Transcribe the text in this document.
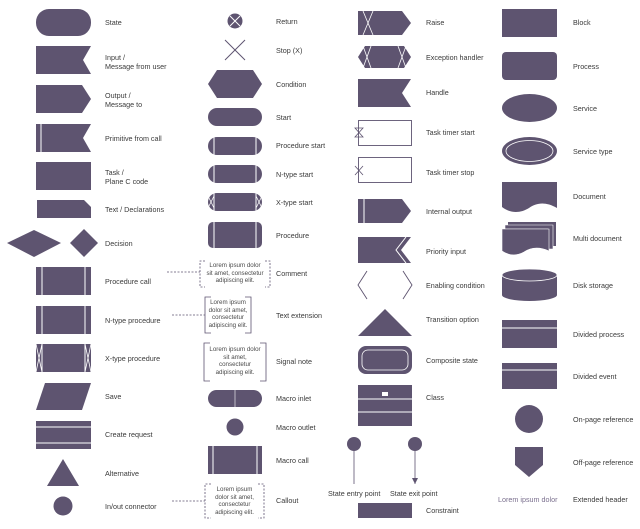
State
Input /
Message from user
Output /
Message to
Primitive from call
Task /
Plane C code
Text / Declarations
Decision
Procedure call
N-type procedure
X-type procedure
Save
Create request
Alternative
In/out connector
Return
Stop (X)
Condition
Start
Procedure start
N-type start
X-type start
Procedure
Comment
Text extension
Signal note
Macro inlet
Macro outlet
Macro call
Callout
Raise
Exception handler
Handle
Task timer start
Task timer stop
Internal output
Priority input
Enabling condition
Transition option
Composite state
Class
State entry point State exit point
Constraint
Block
Process
Service
Service type
Document
Multi document
Disk storage
Divided process
Divided event
On-page reference
Off-page reference
Lorem ipsum dolor Extended header
Lorem ipsum dolor
sit amet, consectetur
adipiscing elit.
Lorem ipsum
dolor sit amet,
consectetur
adipiscing elit.
Lorem ipsum dolor
sit amet,
consectetur
adipiscing elit.
Lorem ipsum
dolor sit amet,
consectetur
adipiscing elit.
